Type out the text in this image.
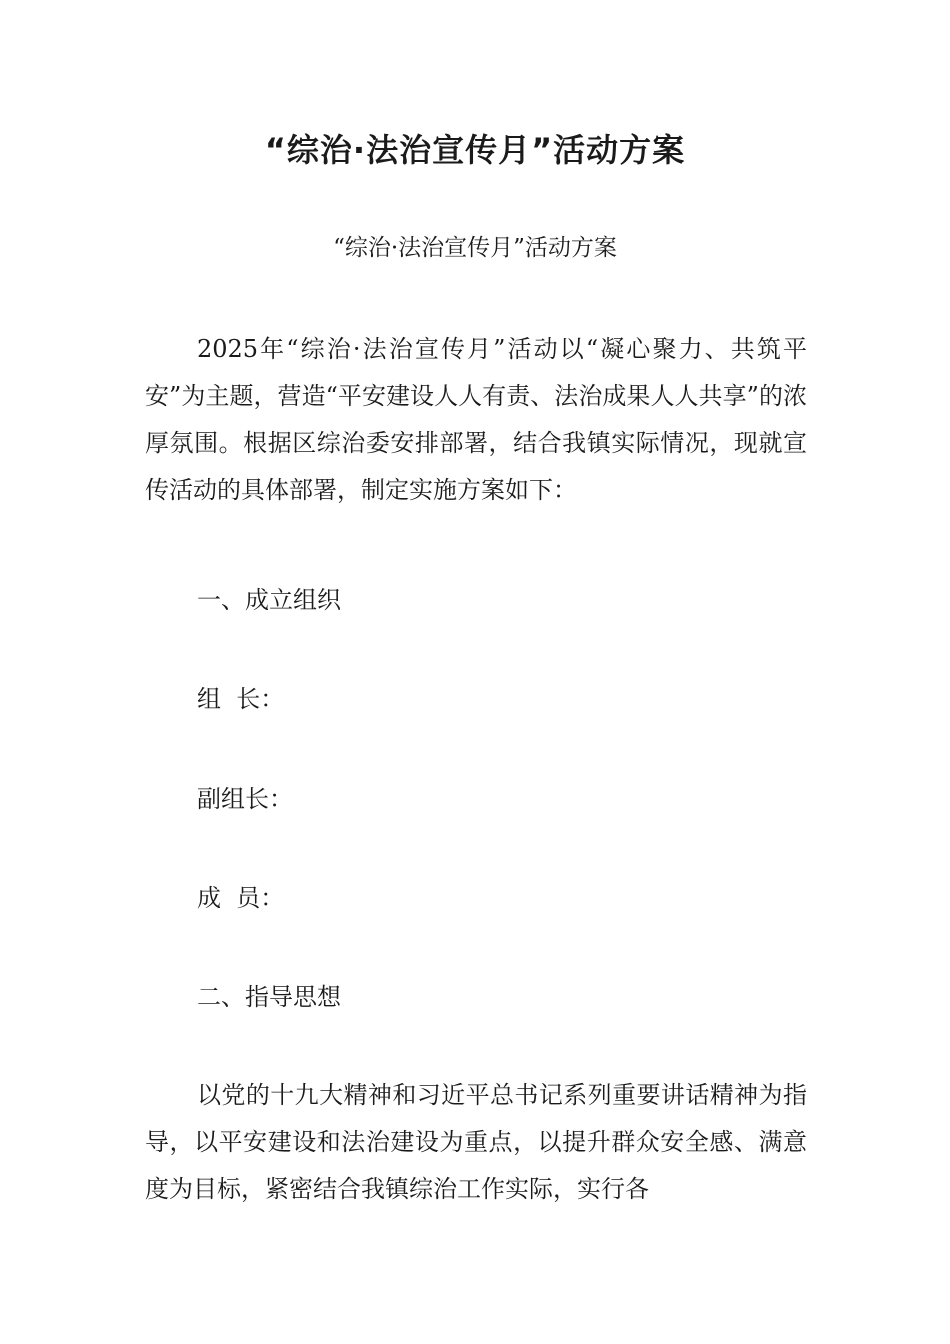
“综治·法治宣传月”活动方案
“综治·法治宣传月”活动方案

2025年“综治·法治宣传月”活动以“凝心聚力、共筑平安”为主题，营造“平安建设人人有责、法治成果人人共享”的浓厚氛围。根据区综治委安排部署，结合我镇实际情况，现就宣传活动的具体部署，制定实施方案如下：

一、成立组织

组  长：

副组长：

成  员：

二、指导思想

以党的十九大精神和习近平总书记系列重要讲话精神为指导，以平安建设和法治建设为重点，以提升群众安全感、满意度为目标，紧密结合我镇综治工作实际，实行各
